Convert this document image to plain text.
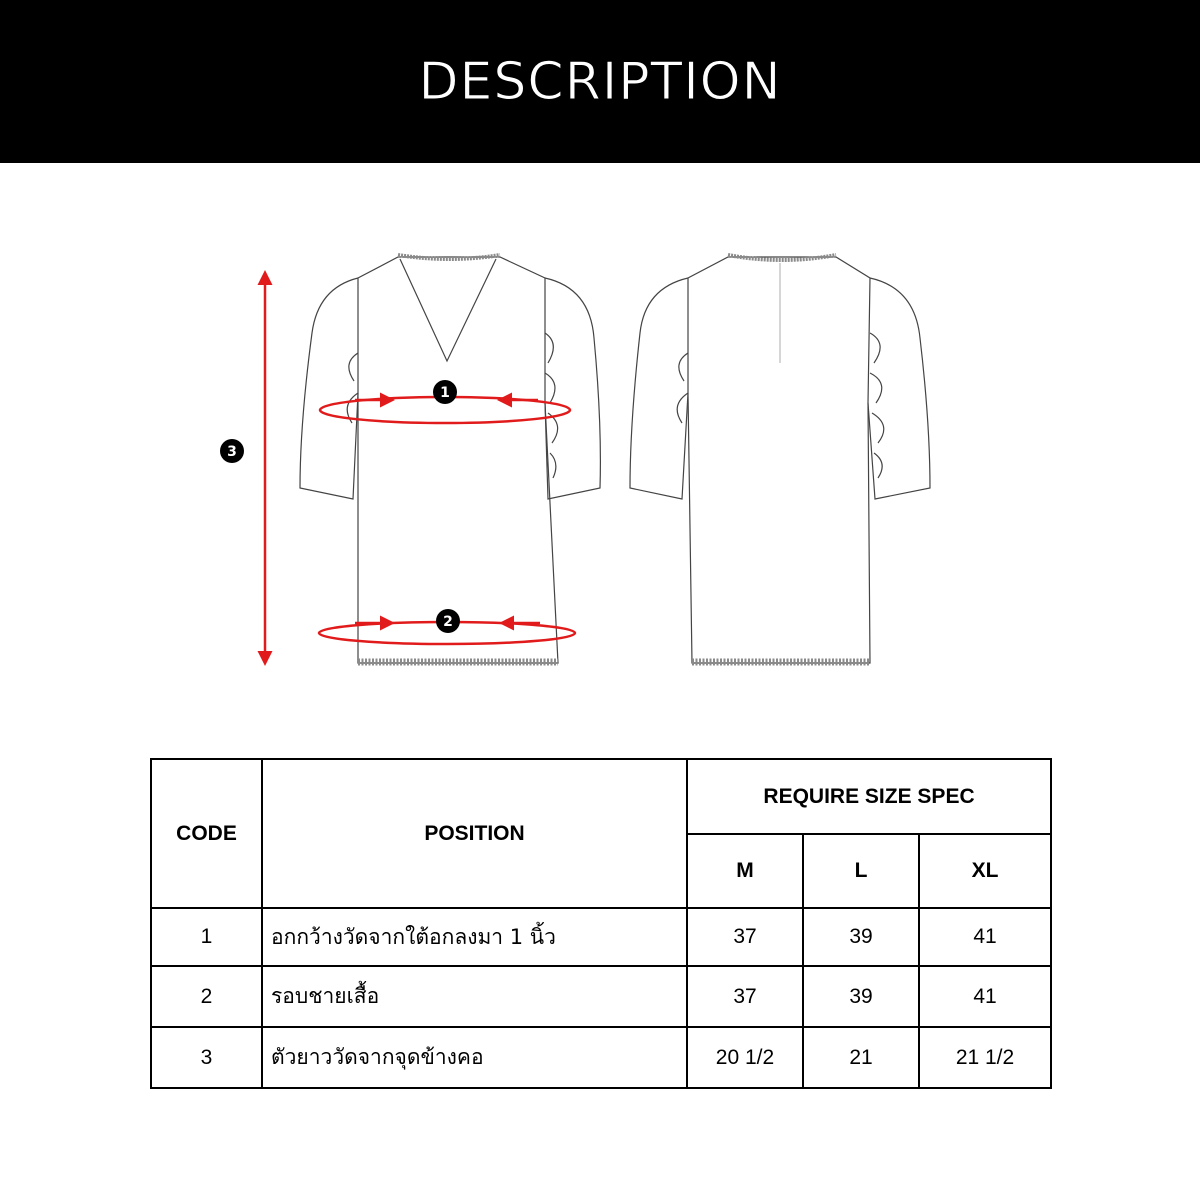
DESCRIPTION
1
2
3
CODE	POSITION	REQUIRE SIZE SPEC		
		M	L	XL
1	อกกว้างวัดจากใต้อกลงมา 1 นิ้ว	37	39	41
2	รอบชายเสื้อ	37	39	41
3	ตัวยาววัดจากจุดข้างคอ	20 1/2	21	21 1/2
